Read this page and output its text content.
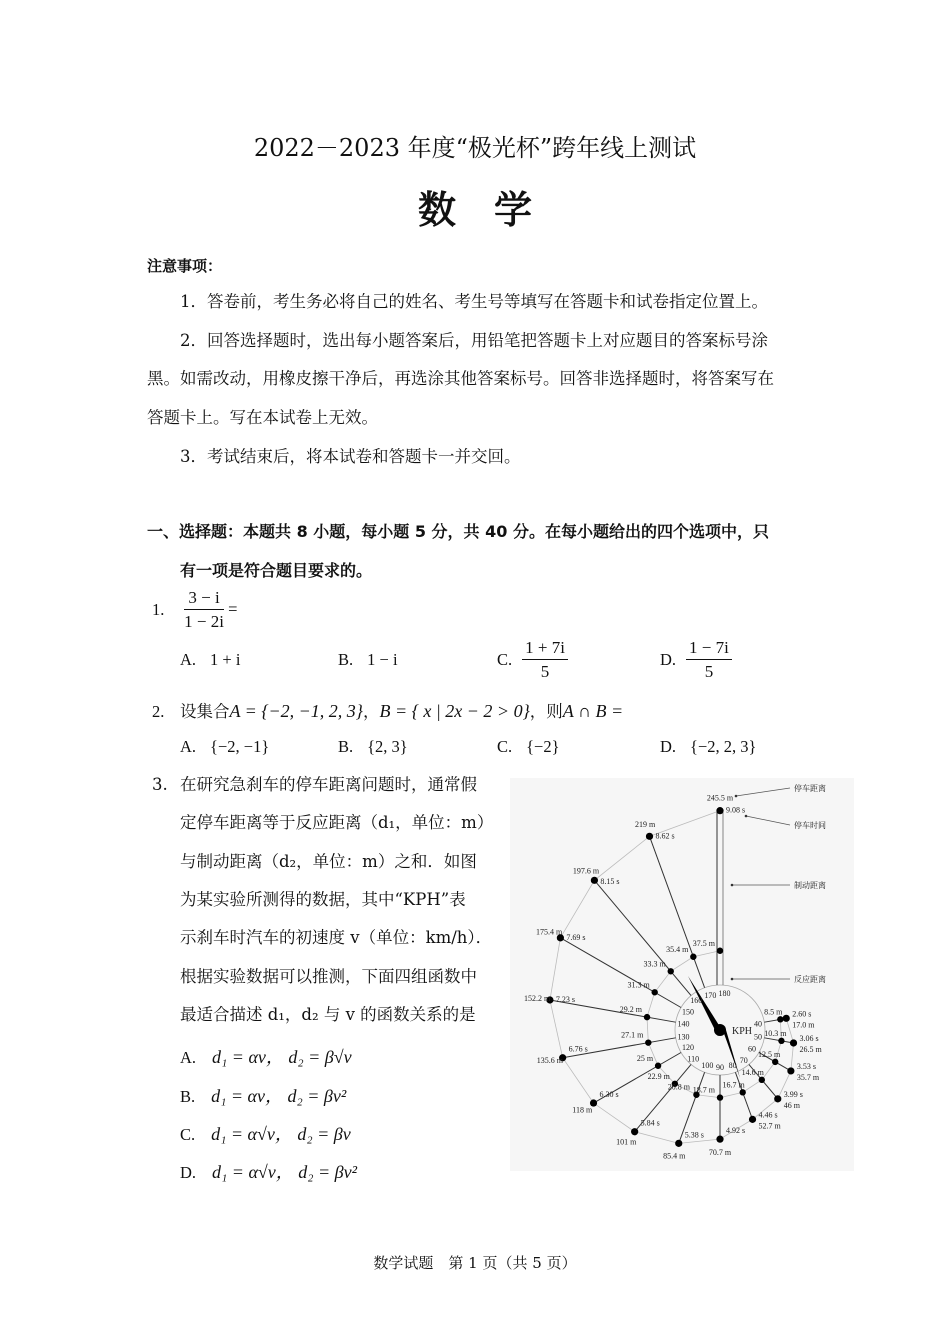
2022－2023 年度“极光杯”跨年线上测试
数　学
注意事项：
1．答卷前，考生务必将自己的姓名、考生号等填写在答题卡和试卷指定位置上。
2．回答选择题时，选出每小题答案后，用铅笔把答题卡上对应题目的答案标号涂
黑。如需改动，用橡皮擦干净后，再选涂其他答案标号。回答非选择题时，将答案写在
答题卡上。写在本试卷上无效。
3．考试结束后，将本试卷和答题卡一并交回。
一、选择题：本题共 8 小题，每小题 5 分，共 40 分。在每小题给出的四个选项中，只
有一项是符合题目要求的。
1. $\frac{3 - i}{1 - 2i}$ =
A. 1 + i	B. 1 − i	C. $\frac{1 + 7i}{5}$	D. $\frac{1 - 7i}{5}$
2. 设集合A = {−2, −1, 2, 3}，B = { x | 2x − 2 > 0}，则A ∩ B =
A. {−2, −1}	B. {2, 3}	C. {−2}	D. {−2, 2, 3}
3. 在研究急刹车的停车距离问题时，通常假
定停车距离等于反应距离（d₁，单位：m）
与制动距离（d₂，单位：m）之和．如图
为某实验所测得的数据，其中“KPH”表
示刹车时汽车的初速度 v（单位：km/h）．
根据实验数据可以推测，下面四组函数中
最适合描述 d₁，d₂ 与 v 的函数关系的是
A. d₁ = αv， d₂ = β√v
B. d₁ = αv， d₂ = βv²
C. d₁ = α√v， d₂ = βv
D. d₁ = α√v， d₂ = βv²
KPH
停车距离
停车时间
制动距离
反应距离
40
8.5 m
17.0 m
2.60 s
50 10.3 m
26.5 m
3.06 s
60
12.5 m
35.7 m
3.53 s
70
14.6 m
46 m
3.99 s
80
16.7 m
52.7 m
4.46 s
90
18.7 m
70.7 m
4.92 s
100
20.8 m
85.4 m
5.38 s
110
22.9 m
101 m
5.84 s
120
25 m
118 m
6.30 s
130
27.1 m
135.6 m
6.76 s
140
29.2 m
152.2 m 7.23 s
150
31.3 m
175.4 m
7.69 s
160
33.3 m
197.6 m
8.15 s
170
35.4 m
219 m
8.62 s
180
37.5 m
245.5 m
9.08 s
数学试题　第 1 页（共 5 页）
